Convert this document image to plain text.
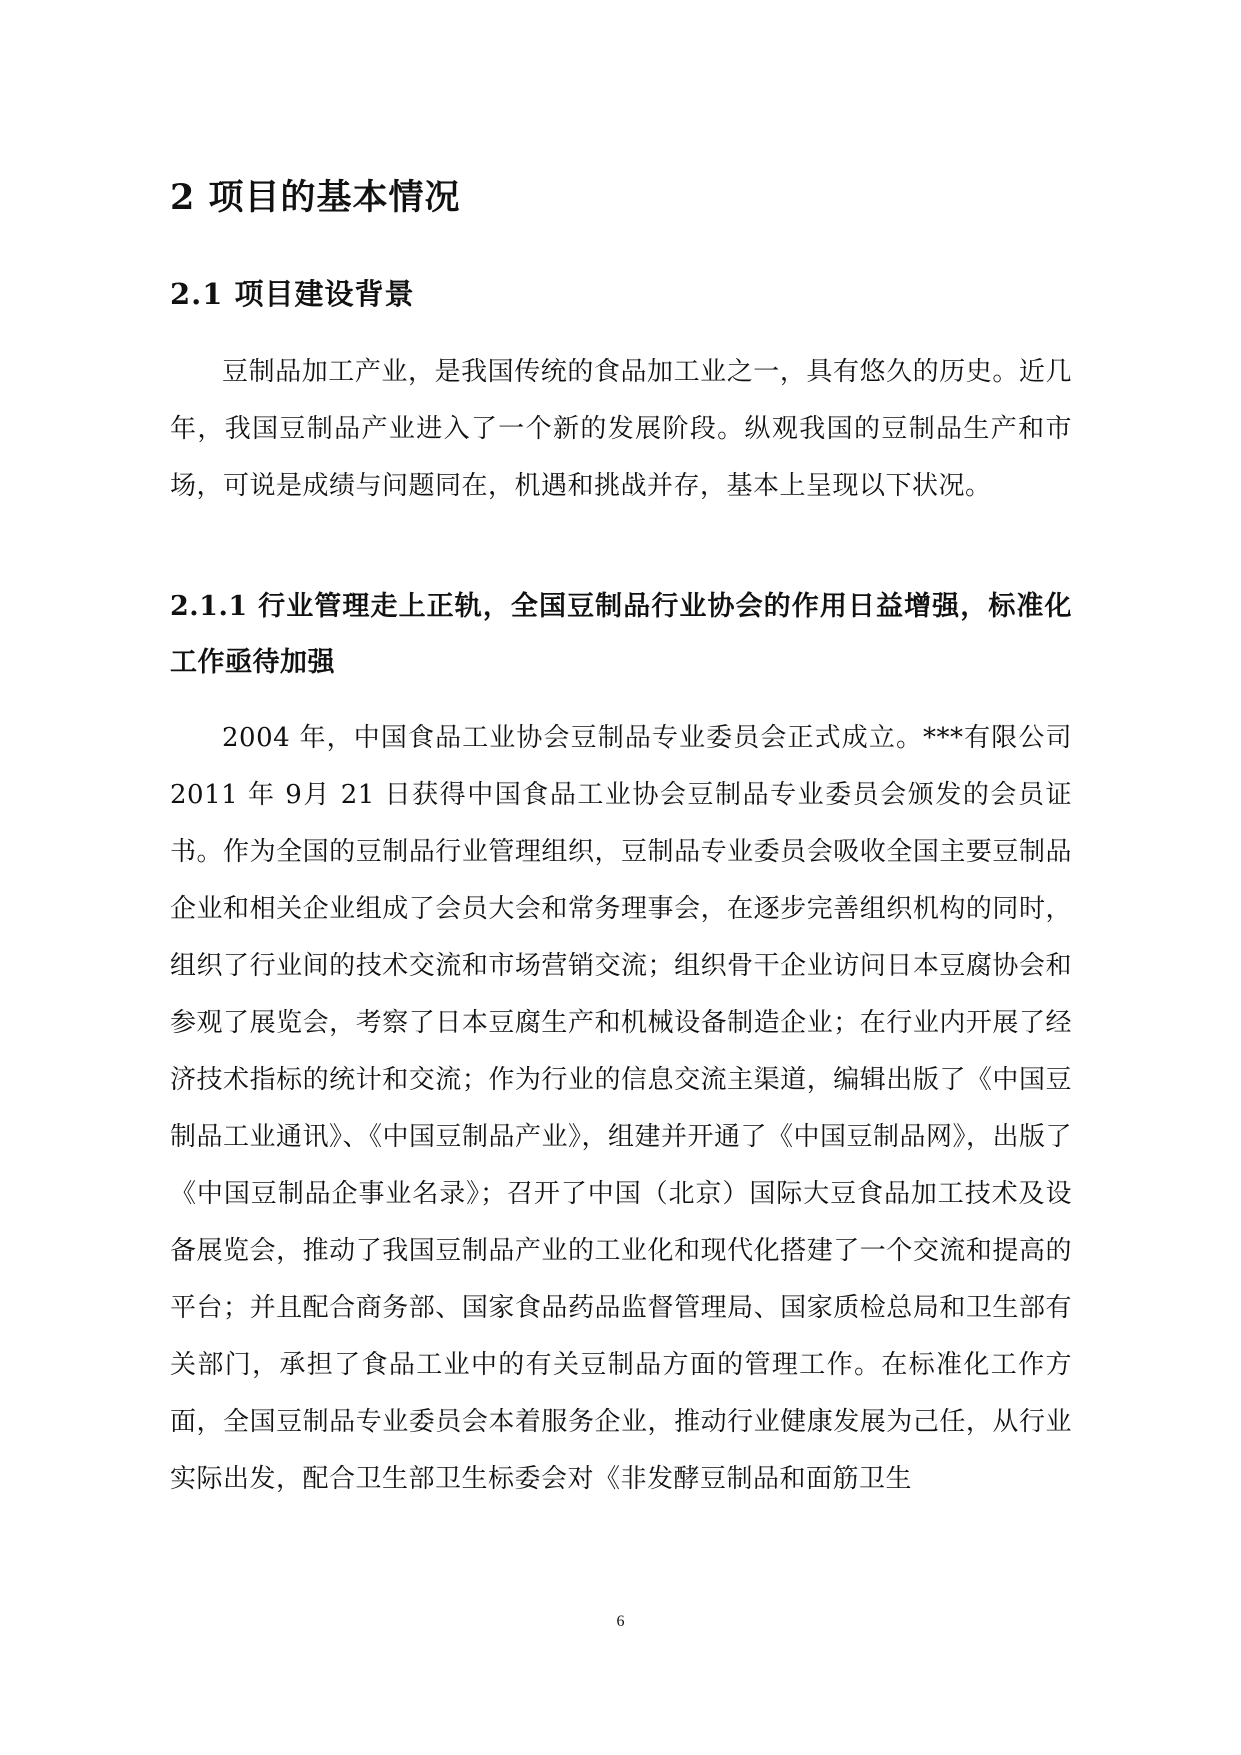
2 项目的基本情况
2.1 项目建设背景

豆制品加工产业，是我国传统的食品加工业之一，具有悠久的历史。近几年，我国豆制品产业进入了一个新的发展阶段。纵观我国的豆制品生产和市场，可说是成绩与问题同在，机遇和挑战并存，基本上呈现以下状况。

2.1.1 行业管理走上正轨，全国豆制品行业协会的作用日益增强，标准化工作亟待加强

2004 年，中国食品工业协会豆制品专业委员会正式成立。***有限公司 2011 年 9月 21 日获得中国食品工业协会豆制品专业委员会颁发的会员证书。作为全国的豆制品行业管理组织，豆制品专业委员会吸收全国主要豆制品企业和相关企业组成了会员大会和常务理事会，在逐步完善组织机构的同时，组织了行业间的技术交流和市场营销交流；组织骨干企业访问日本豆腐协会和参观了展览会，考察了日本豆腐生产和机械设备制造企业；在行业内开展了经济技术指标的统计和交流；作为行业的信息交流主渠道，编辑出版了《中国豆制品工业通讯》、《中国豆制品产业》，组建并开通了《中国豆制品网》，出版了《中国豆制品企事业名录》；召开了中国（北京）国际大豆食品加工技术及设备展览会，推动了我国豆制品产业的工业化和现代化搭建了一个交流和提高的平台；并且配合商务部、国家食品药品监督管理局、国家质检总局和卫生部有关部门，承担了食品工业中的有关豆制品方面的管理工作。在标准化工作方面，全国豆制品专业委员会本着服务企业，推动行业健康发展为己任，从行业实际出发，配合卫生部卫生标委会对《非发酵豆制品和面筋卫生

6
